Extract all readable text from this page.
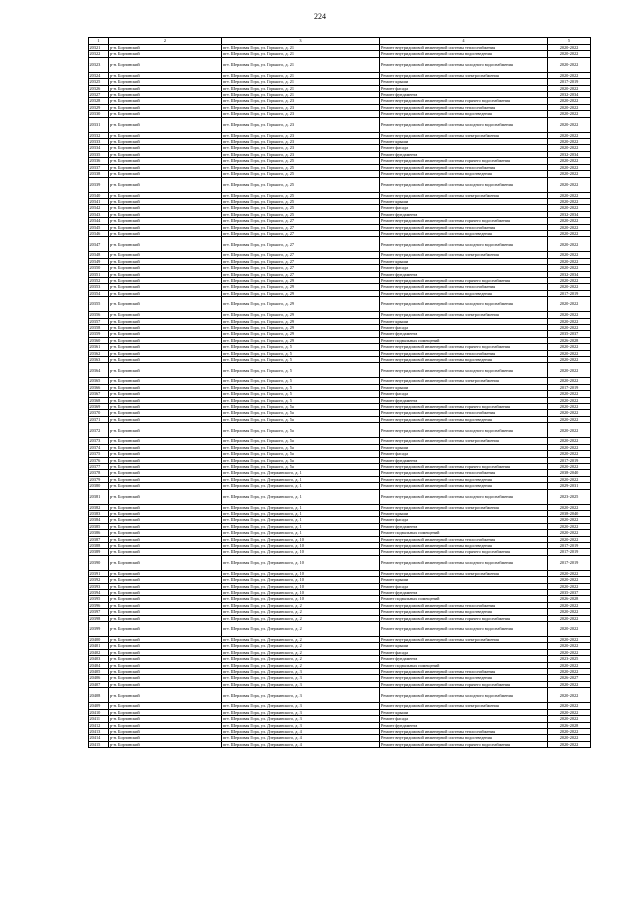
224
1	2	3	4	5
20321	р-н. Борзинский	пгт. Шерловая Гора, ул. Горького, д. 21	Ремонт внутридомовой инженерной системы теплоснабжения	2020-2022
20322	р-н. Борзинский	пгт. Шерловая Гора, ул. Горького, д. 21	Ремонт внутридомовой инженерной системы водоотведения	2020-2022
20323	р-н. Борзинский	пгт. Шерловая Гора, ул. Горького, д. 21	Ремонт внутридомовой инженерной системы холодного водоснабжения	2020-2022
20324	р-н. Борзинский	пгт. Шерловая Гора, ул. Горького, д. 21	Ремонт внутридомовой инженерной системы электроснабжения	2020-2022
20325	р-н. Борзинский	пгт. Шерловая Гора, ул. Горького, д. 21	Ремонт крыши	2017-2019
20326	р-н. Борзинский	пгт. Шерловая Гора, ул. Горького, д. 21	Ремонт фасада	2020-2022
20327	р-н. Борзинский	пгт. Шерловая Гора, ул. Горького, д. 21	Ремонт фундамента	2032-2034
20328	р-н. Борзинский	пгт. Шерловая Гора, ул. Горького, д. 23	Ремонт внутридомовой инженерной системы горячего водоснабжения	2020-2022
20329	р-н. Борзинский	пгт. Шерловая Гора, ул. Горького, д. 23	Ремонт внутридомовой инженерной системы теплоснабжения	2020-2022
20330	р-н. Борзинский	пгт. Шерловая Гора, ул. Горького, д. 23	Ремонт внутридомовой инженерной системы водоотведения	2020-2022
20331	р-н. Борзинский	пгт. Шерловая Гора, ул. Горького, д. 23	Ремонт внутридомовой инженерной системы холодного водоснабжения	2020-2022
20332	р-н. Борзинский	пгт. Шерловая Гора, ул. Горького, д. 23	Ремонт внутридомовой инженерной системы электроснабжения	2020-2022
20333	р-н. Борзинский	пгт. Шерловая Гора, ул. Горького, д. 23	Ремонт крыши	2020-2022
20334	р-н. Борзинский	пгт. Шерловая Гора, ул. Горького, д. 23	Ремонт фасада	2020-2022
20335	р-н. Борзинский	пгт. Шерловая Гора, ул. Горького, д. 23	Ремонт фундамента	2032-2034
20336	р-н. Борзинский	пгт. Шерловая Гора, ул. Горького, д. 25	Ремонт внутридомовой инженерной системы горячего водоснабжения	2020-2022
20337	р-н. Борзинский	пгт. Шерловая Гора, ул. Горького, д. 25	Ремонт внутридомовой инженерной системы теплоснабжения	2020-2022
20338	р-н. Борзинский	пгт. Шерловая Гора, ул. Горького, д. 25	Ремонт внутридомовой инженерной системы водоотведения	2020-2022
20339	р-н. Борзинский	пгт. Шерловая Гора, ул. Горького, д. 25	Ремонт внутридомовой инженерной системы холодного водоснабжения	2020-2022
20340	р-н. Борзинский	пгт. Шерловая Гора, ул. Горького, д. 25	Ремонт внутридомовой инженерной системы электроснабжения	2020-2022
20341	р-н. Борзинский	пгт. Шерловая Гора, ул. Горького, д. 25	Ремонт крыши	2020-2022
20342	р-н. Борзинский	пгт. Шерловая Гора, ул. Горького, д. 25	Ремонт фасада	2020-2022
20343	р-н. Борзинский	пгт. Шерловая Гора, ул. Горького, д. 25	Ремонт фундамента	2032-2034
20344	р-н. Борзинский	пгт. Шерловая Гора, ул. Горького, д. 27	Ремонт внутридомовой инженерной системы горячего водоснабжения	2020-2022
20345	р-н. Борзинский	пгт. Шерловая Гора, ул. Горького, д. 27	Ремонт внутридомовой инженерной системы теплоснабжения	2020-2022
20346	р-н. Борзинский	пгт. Шерловая Гора, ул. Горького, д. 27	Ремонт внутридомовой инженерной системы водоотведения	2020-2022
20347	р-н. Борзинский	пгт. Шерловая Гора, ул. Горького, д. 27	Ремонт внутридомовой инженерной системы холодного водоснабжения	2020-2022
20348	р-н. Борзинский	пгт. Шерловая Гора, ул. Горького, д. 27	Ремонт внутридомовой инженерной системы электроснабжения	2020-2022
20349	р-н. Борзинский	пгт. Шерловая Гора, ул. Горького, д. 27	Ремонт крыши	2020-2022
20350	р-н. Борзинский	пгт. Шерловая Гора, ул. Горького, д. 27	Ремонт фасада	2020-2022
20351	р-н. Борзинский	пгт. Шерловая Гора, ул. Горького, д. 27	Ремонт фундамента	2032-2034
20352	р-н. Борзинский	пгт. Шерловая Гора, ул. Горького, д. 29	Ремонт внутридомовой инженерной системы горячего водоснабжения	2020-2022
20353	р-н. Борзинский	пгт. Шерловая Гора, ул. Горького, д. 29	Ремонт внутридомовой инженерной системы теплоснабжения	2020-2022
20354	р-н. Борзинский	пгт. Шерловая Гора, ул. Горького, д. 29	Ремонт внутридомовой инженерной системы водоотведения	2017-2019
20355	р-н. Борзинский	пгт. Шерловая Гора, ул. Горького, д. 29	Ремонт внутридомовой инженерной системы холодного водоснабжения	2020-2022
20356	р-н. Борзинский	пгт. Шерловая Гора, ул. Горького, д. 29	Ремонт внутридомовой инженерной системы электроснабжения	2020-2022
20357	р-н. Борзинский	пгт. Шерловая Гора, ул. Горького, д. 29	Ремонт крыши	2020-2022
20358	р-н. Борзинский	пгт. Шерловая Гора, ул. Горького, д. 29	Ремонт фасада	2020-2022
20359	р-н. Борзинский	пгт. Шерловая Гора, ул. Горького, д. 29	Ремонт фундамента	2035-2037
20360	р-н. Борзинский	пгт. Шерловая Гора, ул. Горького, д. 29	Ремонт подвальных помещений	2026-2028
20361	р-н. Борзинский	пгт. Шерловая Гора, ул. Горького, д. 5	Ремонт внутридомовой инженерной системы горячего водоснабжения	2020-2022
20362	р-н. Борзинский	пгт. Шерловая Гора, ул. Горького, д. 5	Ремонт внутридомовой инженерной системы теплоснабжения	2020-2022
20363	р-н. Борзинский	пгт. Шерловая Гора, ул. Горького, д. 5	Ремонт внутридомовой инженерной системы водоотведения	2020-2022
20364	р-н. Борзинский	пгт. Шерловая Гора, ул. Горького, д. 5	Ремонт внутридомовой инженерной системы холодного водоснабжения	2020-2022
20365	р-н. Борзинский	пгт. Шерловая Гора, ул. Горького, д. 5	Ремонт внутридомовой инженерной системы электроснабжения	2020-2022
20366	р-н. Борзинский	пгт. Шерловая Гора, ул. Горького, д. 5	Ремонт крыши	2017-2019
20367	р-н. Борзинский	пгт. Шерловая Гора, ул. Горького, д. 5	Ремонт фасада	2020-2022
20368	р-н. Борзинский	пгт. Шерловая Гора, ул. Горького, д. 5	Ремонт фундамента	2020-2022
20369	р-н. Борзинский	пгт. Шерловая Гора, ул. Горького, д. 5а	Ремонт внутридомовой инженерной системы горячего водоснабжения	2020-2022
20370	р-н. Борзинский	пгт. Шерловая Гора, ул. Горького, д. 5а	Ремонт внутридомовой инженерной системы теплоснабжения	2020-2022
20371	р-н. Борзинский	пгт. Шерловая Гора, ул. Горького, д. 5а	Ремонт внутридомовой инженерной системы водоотведения	2020-2022
20372	р-н. Борзинский	пгт. Шерловая Гора, ул. Горького, д. 5а	Ремонт внутридомовой инженерной системы холодного водоснабжения	2020-2022
20373	р-н. Борзинский	пгт. Шерловая Гора, ул. Горького, д. 5а	Ремонт внутридомовой инженерной системы электроснабжения	2020-2022
20374	р-н. Борзинский	пгт. Шерловая Гора, ул. Горького, д. 5а	Ремонт крыши	2020-2022
20375	р-н. Борзинский	пгт. Шерловая Гора, ул. Горького, д. 5а	Ремонт фасада	2020-2022
20376	р-н. Борзинский	пгт. Шерловая Гора, ул. Горького, д. 5а	Ремонт фундамента	2017-2019
20377	р-н. Борзинский	пгт. Шерловая Гора, ул. Горького, д. 5а	Ремонт внутридомовой инженерной системы горячего водоснабжения	2020-2022
20378	р-н. Борзинский	пгт. Шерловая Гора, ул. Дзержинского, д. 1	Ремонт внутридомовой инженерной системы теплоснабжения	2038-2040
20379	р-н. Борзинский	пгт. Шерловая Гора, ул. Дзержинского, д. 1	Ремонт внутридомовой инженерной системы водоотведения	2020-2022
20380	р-н. Борзинский	пгт. Шерловая Гора, ул. Дзержинского, д. 1	Ремонт внутридомовой инженерной системы водоотведения	2029-2031
20381	р-н. Борзинский	пгт. Шерловая Гора, ул. Дзержинского, д. 1	Ремонт внутридомовой инженерной системы холодного водоснабжения	2023-2025
20382	р-н. Борзинский	пгт. Шерловая Гора, ул. Дзержинского, д. 1	Ремонт внутридомовой инженерной системы электроснабжения	2020-2022
20383	р-н. Борзинский	пгт. Шерловая Гора, ул. Дзержинского, д. 1	Ремонт крыши	2038-2040
20384	р-н. Борзинский	пгт. Шерловая Гора, ул. Дзержинского, д. 1	Ремонт фасада	2020-2022
20385	р-н. Борзинский	пгт. Шерловая Гора, ул. Дзержинского, д. 1	Ремонт фундамента	2020-2022
20386	р-н. Борзинский	пгт. Шерловая Гора, ул. Дзержинского, д. 1	Ремонт подвальных помещений	2020-2022
20387	р-н. Борзинский	пгт. Шерловая Гора, ул. Дзержинского, д. 10	Ремонт внутридомовой инженерной системы теплоснабжения	2020-2022
20388	р-н. Борзинский	пгт. Шерловая Гора, ул. Дзержинского, д. 10	Ремонт внутридомовой инженерной системы водоотведения	2017-2019
20389	р-н. Борзинский	пгт. Шерловая Гора, ул. Дзержинского, д. 10	Ремонт внутридомовой инженерной системы горячего водоснабжения	2017-2019
20390	р-н. Борзинский	пгт. Шерловая Гора, ул. Дзержинского, д. 10	Ремонт внутридомовой инженерной системы холодного водоснабжения	2017-2019
20391	р-н. Борзинский	пгт. Шерловая Гора, ул. Дзержинского, д. 10	Ремонт внутридомовой инженерной системы электроснабжения	2020-2022
20392	р-н. Борзинский	пгт. Шерловая Гора, ул. Дзержинского, д. 10	Ремонт крыши	2020-2022
20393	р-н. Борзинский	пгт. Шерловая Гора, ул. Дзержинского, д. 10	Ремонт фасада	2020-2022
20394	р-н. Борзинский	пгт. Шерловая Гора, ул. Дзержинского, д. 10	Ремонт фундамента	2035-2037
20395	р-н. Борзинский	пгт. Шерловая Гора, ул. Дзержинского, д. 10	Ремонт подвальных помещений	2026-2028
20396	р-н. Борзинский	пгт. Шерловая Гора, ул. Дзержинского, д. 2	Ремонт внутридомовой инженерной системы теплоснабжения	2020-2022
20397	р-н. Борзинский	пгт. Шерловая Гора, ул. Дзержинского, д. 2	Ремонт внутридомовой инженерной системы водоотведения	2020-2022
20398	р-н. Борзинский	пгт. Шерловая Гора, ул. Дзержинского, д. 2	Ремонт внутридомовой инженерной системы горячего водоснабжения	2020-2022
20399	р-н. Борзинский	пгт. Шерловая Гора, ул. Дзержинского, д. 2	Ремонт внутридомовой инженерной системы холодного водоснабжения	2020-2022
20400	р-н. Борзинский	пгт. Шерловая Гора, ул. Дзержинского, д. 2	Ремонт внутридомовой инженерной системы электроснабжения	2020-2022
20401	р-н. Борзинский	пгт. Шерловая Гора, ул. Дзержинского, д. 2	Ремонт крыши	2020-2022
20402	р-н. Борзинский	пгт. Шерловая Гора, ул. Дзержинского, д. 2	Ремонт фасада	2020-2022
20403	р-н. Борзинский	пгт. Шерловая Гора, ул. Дзержинского, д. 2	Ремонт фундамента	2023-2025
20404	р-н. Борзинский	пгт. Шерловая Гора, ул. Дзержинского, д. 2	Ремонт подвальных помещений	2020-2022
20405	р-н. Борзинский	пгт. Шерловая Гора, ул. Дзержинского, д. 3	Ремонт внутридомовой инженерной системы теплоснабжения	2020-2022
20406	р-н. Борзинский	пгт. Шерловая Гора, ул. Дзержинского, д. 3	Ремонт внутридомовой инженерной системы водоотведения	2026-2027
20407	р-н. Борзинский	пгт. Шерловая Гора, ул. Дзержинского, д. 3	Ремонт внутридомовой инженерной системы горячего водоснабжения	2020-2022
20408	р-н. Борзинский	пгт. Шерловая Гора, ул. Дзержинского, д. 3	Ремонт внутридомовой инженерной системы холодного водоснабжения	2020-2022
20409	р-н. Борзинский	пгт. Шерловая Гора, ул. Дзержинского, д. 3	Ремонт внутридомовой инженерной системы электроснабжения	2020-2022
20410	р-н. Борзинский	пгт. Шерловая Гора, ул. Дзержинского, д. 3	Ремонт крыши	2020-2022
20411	р-н. Борзинский	пгт. Шерловая Гора, ул. Дзержинского, д. 3	Ремонт фасада	2020-2022
20412	р-н. Борзинский	пгт. Шерловая Гора, ул. Дзержинского, д. 3	Ремонт фундамента	2026-2028
20413	р-н. Борзинский	пгт. Шерловая Гора, ул. Дзержинского, д. 4	Ремонт внутридомовой инженерной системы теплоснабжения	2020-2022
20414	р-н. Борзинский	пгт. Шерловая Гора, ул. Дзержинского, д. 4	Ремонт внутридомовой инженерной системы водоотведения	2020-2022
20415	р-н. Борзинский	пгт. Шерловая Гора, ул. Дзержинского, д. 4	Ремонт внутридомовой инженерной системы горячего водоснабжения	2020-2022
